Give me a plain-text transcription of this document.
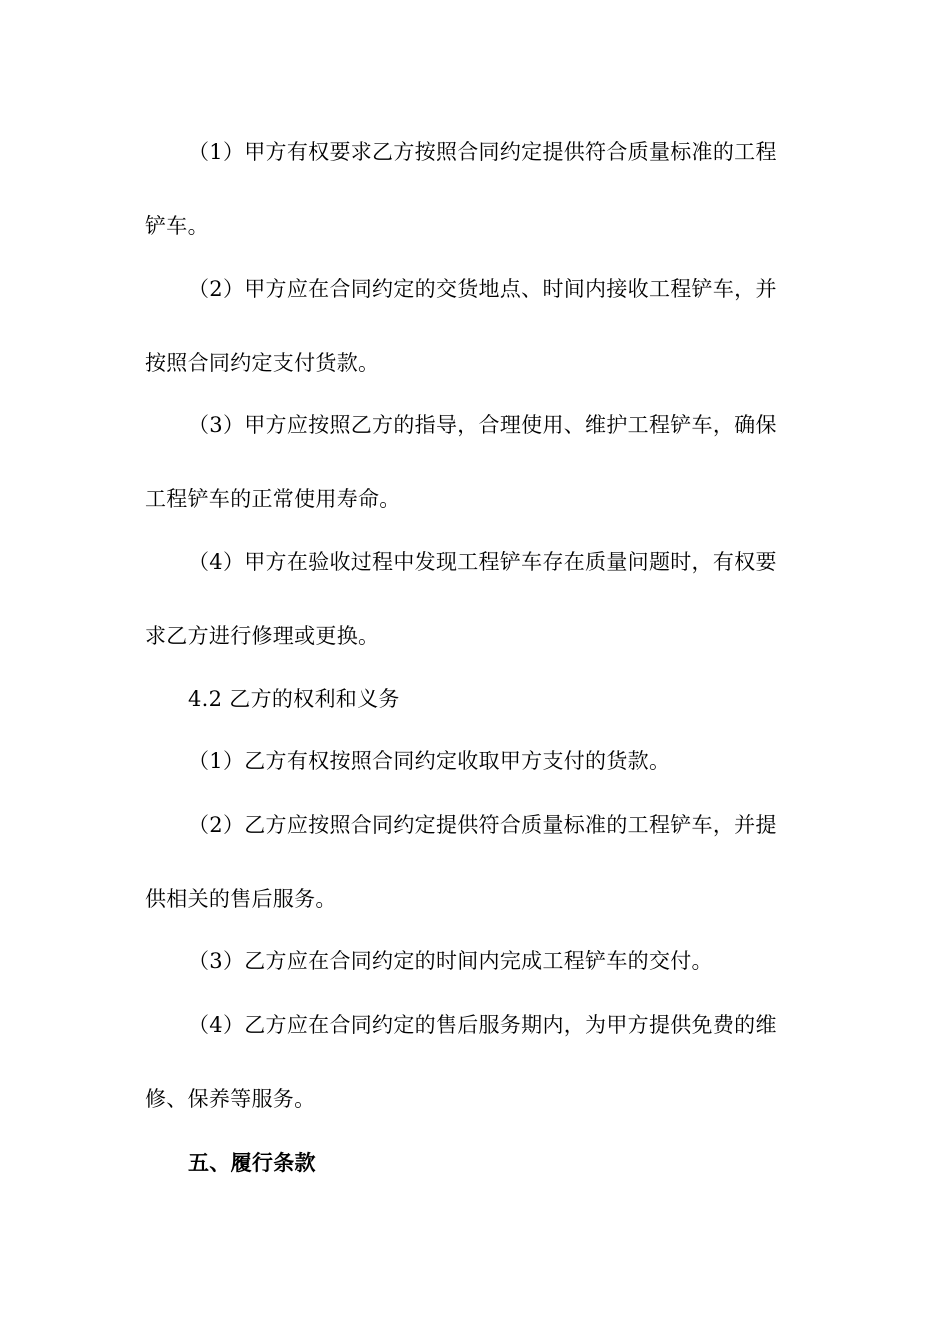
（1）甲方有权要求乙方按照合同约定提供符合质量标准的工程
铲车。
（2）甲方应在合同约定的交货地点、时间内接收工程铲车，并
按照合同约定支付货款。
（3）甲方应按照乙方的指导，合理使用、维护工程铲车，确保
工程铲车的正常使用寿命。
（4）甲方在验收过程中发现工程铲车存在质量问题时，有权要
求乙方进行修理或更换。
4.2 乙方的权利和义务
（1）乙方有权按照合同约定收取甲方支付的货款。
（2）乙方应按照合同约定提供符合质量标准的工程铲车，并提
供相关的售后服务。
（3）乙方应在合同约定的时间内完成工程铲车的交付。
（4）乙方应在合同约定的售后服务期内，为甲方提供免费的维
修、保养等服务。
五、履行条款
